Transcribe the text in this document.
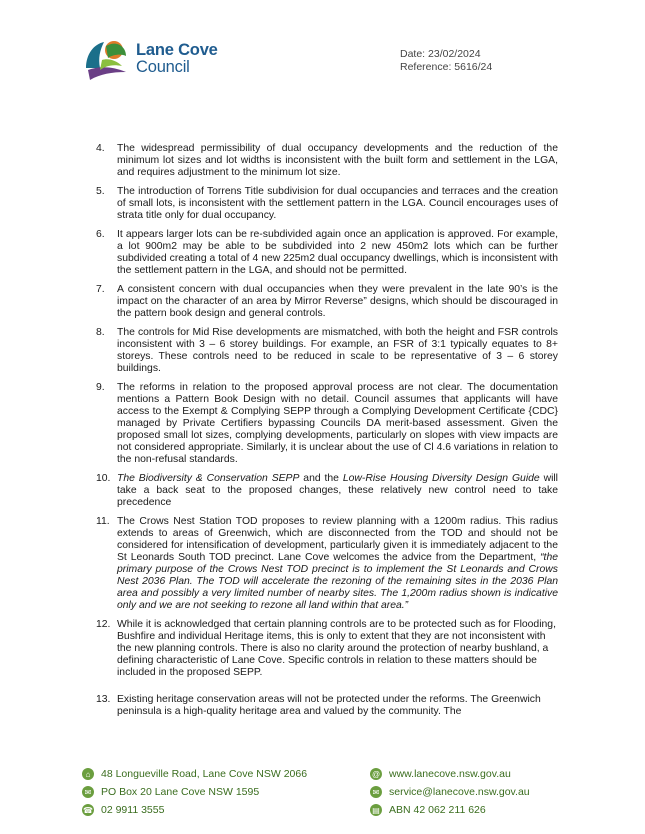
Lane Cove
Council
Date: 23/02/2024
Reference: 5616/24
4.	The widespread permissibility of dual occupancy developments and the reduction of the minimum lot sizes and lot widths is inconsistent with the built form and settlement in the LGA, and requires adjustment to the minimum lot size.
5.	The introduction of Torrens Title subdivision for dual occupancies and terraces and the creation of small lots, is inconsistent with the settlement pattern in the LGA. Council encourages uses of strata title only for dual occupancy.
6.	It appears larger lots can be re-subdivided again once an application is approved. For example, a lot 900m2 may be able to be subdivided into 2 new 450m2 lots which can be further subdivided creating a total of 4 new 225m2 dual occupancy dwellings, which is inconsistent with the settlement pattern in the LGA, and should not be permitted.
7.	A consistent concern with dual occupancies when they were prevalent in the late 90’s is the impact on the character of an area by Mirror Reverse” designs, which should be discouraged in the pattern book design and general controls.
8.	The controls for Mid Rise developments are mismatched, with both the height and FSR controls inconsistent with 3 – 6 storey buildings. For example, an FSR of 3:1 typically equates to 8+ storeys. These controls need to be reduced in scale to be representative of 3 – 6 storey buildings.
9.	The reforms in relation to the proposed approval process are not clear. The documentation mentions a Pattern Book Design with no detail. Council assumes that applicants will have access to the Exempt & Complying SEPP through a Complying Development Certificate {CDC} managed by Private Certifiers bypassing Councils DA merit-based assessment. Given the proposed small lot sizes, complying developments, particularly on slopes with view impacts are not considered appropriate. Similarly, it is unclear about the use of Cl 4.6 variations in relation to the non-refusal standards.
10. The Biodiversity & Conservation SEPP and the Low-Rise Housing Diversity Design Guide will take a back seat to the proposed changes, these relatively new control need to take precedence
11. The Crows Nest Station TOD proposes to review planning with a 1200m radius. This radius extends to areas of Greenwich, which are disconnected from the TOD and should not be considered for intensification of development, particularly given it is immediately adjacent to the St Leonards South TOD precinct. Lane Cove welcomes the advice from the Department, “the primary purpose of the Crows Nest TOD precinct is to implement the St Leonards and Crows Nest 2036 Plan. The TOD will accelerate the rezoning of the remaining sites in the 2036 Plan area and possibly a very limited number of nearby sites. The 1,200m radius shown is indicative only and we are not seeking to rezone all land within that area.”
12. While it is acknowledged that certain planning controls are to be protected such as for Flooding, Bushfire and individual Heritage items, this is only to extent that they are not inconsistent with the new planning controls. There is also no clarity around the protection of nearby bushland, a defining characteristic of Lane Cove. Specific controls in relation to these matters should be included in the proposed SEPP.
13. Existing heritage conservation areas will not be protected under the reforms. The Greenwich peninsula is a high-quality heritage area and valued by the community. The
⌂	48 Longueville Road, Lane Cove NSW 2066
✉ PO Box 20 Lane Cove NSW 1595
☎ 02 9911 3555
@ www.lanecove.nsw.gov.au
✉ service@lanecove.nsw.gov.au
▤ ABN 42 062 211 626
